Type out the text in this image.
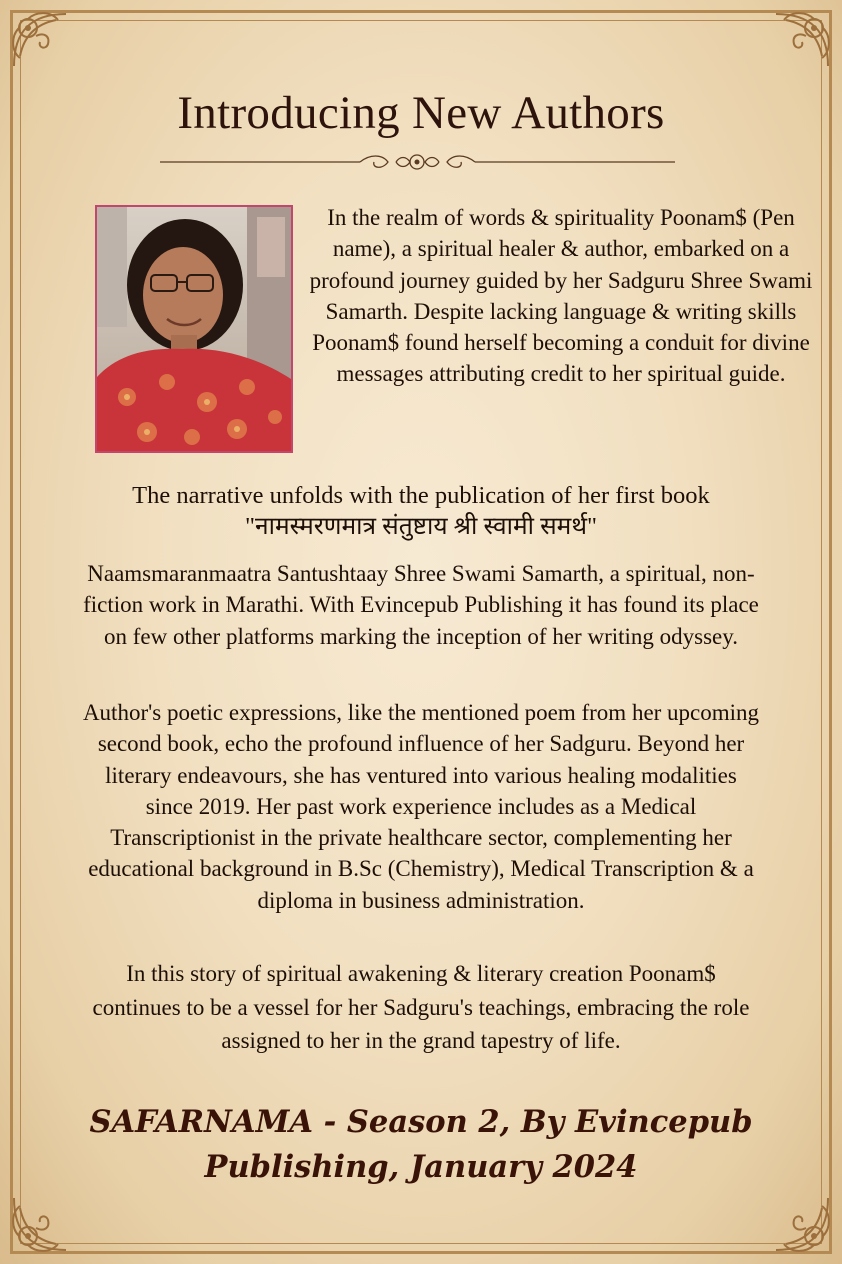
Introducing New Authors
In the realm of words & spirituality Poonam$ (Pen name), a spiritual healer & author, embarked on a profound journey guided by her Sadguru Shree Swami Samarth. Despite lacking language & writing skills Poonam$ found herself becoming a conduit for divine messages attributing credit to her spiritual guide.
The narrative unfolds with the publication of her first book "नामस्मरणमात्र संतुष्टाय श्री स्वामी समर्थ"
Naamsmaranmaatra Santushtaay Shree Swami Samarth, a spiritual, non-fiction work in Marathi. With Evincepub Publishing it has found its place on few other platforms marking the inception of her writing odyssey.
Author's poetic expressions, like the mentioned poem from her upcoming second book, echo the profound influence of her Sadguru. Beyond her literary endeavours, she has ventured into various healing modalities since 2019. Her past work experience includes as a Medical Transcriptionist in the private healthcare sector, complementing her educational background in B.Sc (Chemistry), Medical Transcription & a diploma in business administration.
In this story of spiritual awakening & literary creation Poonam$ continues to be a vessel for her Sadguru's teachings, embracing the role assigned to her in the grand tapestry of life.
SAFARNAMA - Season 2, By Evincepub
Publishing, January 2024
